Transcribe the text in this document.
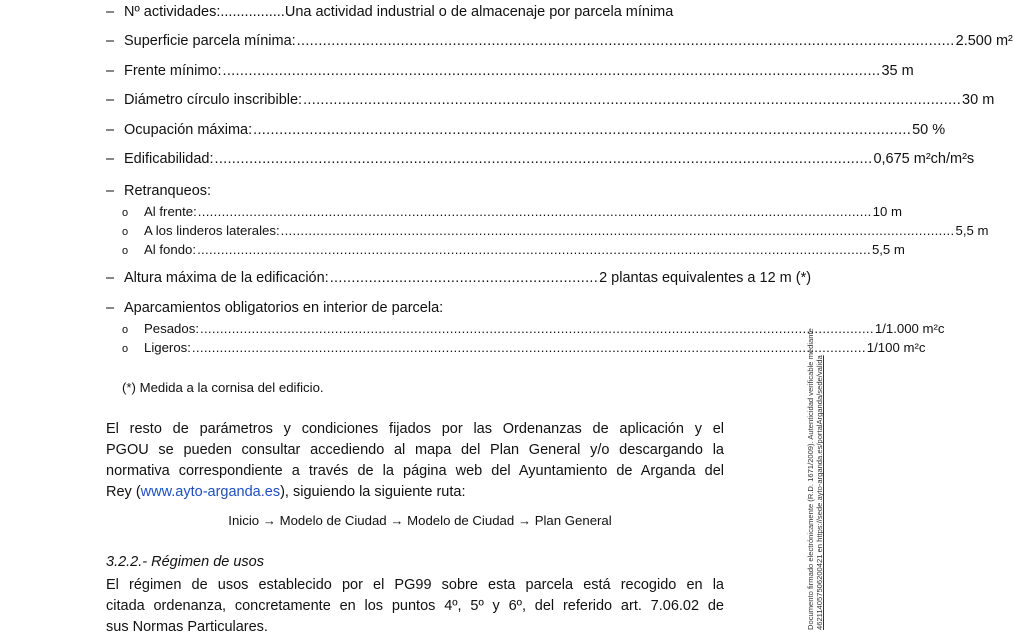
– Nº actividades: ................ Una actividad industrial o de almacenaje por parcela mínima
– Superficie parcela mínima: ........................................................................................................................................................ 2.500 m²
– Frente mínimo: ........................................................................................................................................................ 35 m
– Diámetro círculo inscribible: ........................................................................................................................................................ 30 m
– Ocupación máxima: ........................................................................................................................................................ 50 %
– Edificabilidad: ........................................................................................................................................................ 0,675 m²ch/m²s
– Retranqueos:
o	Al frente: .......................................................................................................................................................................... 10 m
o	A los linderos laterales: .......................................................................................................................................................................... 5,5 m
o	Al fondo: .......................................................................................................................................................................... 5,5 m
– Altura máxima de la edificación: .............................................................. 2 plantas equivalentes a 12 m (*)
– Aparcamientos obligatorios en interior de parcela:
o	Pesados: .......................................................................................................................................................................... 1/1.000 m²c
o	Ligeros: .......................................................................................................................................................................... 1/100 m²c
(*) Medida a la cornisa del edificio.
El resto de parámetros y condiciones fijados por las Ordenanzas de aplicación y el
PGOU se pueden consultar accediendo al mapa del Plan General y/o descargando la
normativa correspondiente a través de la página web del Ayuntamiento de Arganda del
Rey (www.ayto-arganda.es), siguiendo la siguiente ruta:
Inicio → Modelo de Ciudad → Modelo de Ciudad → Plan General
3.2.2.- Régimen de usos
El régimen de usos establecido por el PG99 sobre esta parcela está recogido en la
citada ordenanza, concretamente en los puntos 4º, 5º y 6º, del referido art. 7.06.02 de
sus Normas Particulares.	Documento firmado electrónicamente (R.D. 1671/2009). Autenticidad verificable mediante 462114057506200421 en https://sede.ayto-arganda.es/portalArganda/sede/valida
